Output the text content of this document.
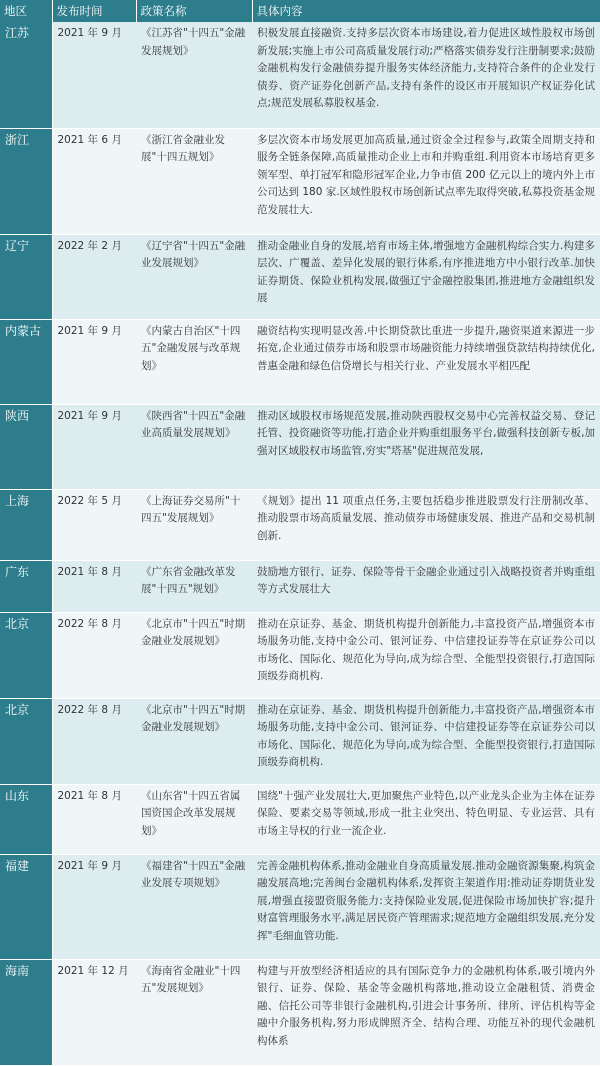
地区	发布时间	政策名称	具体内容
江苏	2021 年 9 月	《江苏省"十四五"金融发展规划》	积极发展直接融资.支持多层次资本市场建设,着力促进区域性股权市场创新发展;实施上市公司高质量发展行动;严格落实债券发行注册制要求;鼓励金融机构发行金融债券提升服务实体经济能力,支持符合条件的企业发行债券、资产证券化创新产品,支持有条件的设区市开展知识产权证券化试点;规范发展私募股权基金.
浙江	2021 年 6 月	《浙江省金融业发展"十四五规划》	多层次资本市场发展更加高质量,通过资金全过程参与,政策全周期支持和服务全链条保障,高质量推动企业上市和并购重组.利用资本市场培育更多领军型、单打冠军和隐形冠军企业,力争市值 200 亿元以上的境内外上市公司达到 180 家.区域性股权市场创新试点率先取得突破,私募投资基金规范发展壮大.
辽宁	2022 年 2 月	《辽宁省"十四五"金融业发展规划》	推动金融业自身的发展,培育市场主体,增强地方金融机构综合实力.构建多层次、广覆盖、差异化发展的银行体系,有序推进地方中小银行改革.加快证券期货、保险业机构发展,做强辽宁金融控股集团,推进地方金融组织发展
内蒙古	2021 年 9 月	《内蒙古自治区"十四五"金融发展与改革规划》	融资结构实现明显改善.中长期贷款比重进一步提升,融资渠道来源进一步拓宽,企业通过债券市场和股票市场融资能力持续增强贷款结构持续优化,普惠金融和绿色信贷增长与相关行业、产业发展水平相匹配
陕西	2021 年 9 月	《陕西省"十四五"金融业高质量发展规划》	推动区域股权市场规范发展,推动陕西股权交易中心完善权益交易、登记托管、投资融资等功能,打造企业并购重组服务平台,做强科技创新专板,加强对区域股权市场监管,穷实"塔基"促进规范发展,
上海	2022 年 5 月	《上海证券交易所"十四五"发展规划》	《规划》提出 11 项重点任务,主要包括稳步推进股票发行注册制改革、推动股票市场高质量发展、推动债券市场健康发展、推进产品和交易机制创新.
广东	2021 年 8 月	《广东省金融改革发展"十四五"规划》	鼓励地方银行、证券、保险等骨干金融企业通过引入战略投资者并购重组等方式发展壮大
北京	2022 年 8 月	《北京市"十四五"时期金融业发展规划》	推动在京证券、基金、期货机构提升创新能力,丰富投资产品,增强资本市场服务功能,支持中金公司、银河证券、中信建投证券等在京证券公司以市场化、国际化、规范化为导向,成为综合型、全能型投资银行,打造国际顶级券商机构.
北京	2022 年 8 月	《北京市"十四五"时期金融业发展规划》	推动在京证券、基金、期货机构提升创新能力,丰富投资产品,增强资本市场服务功能,支持中金公司、银河证券、中信建投证券等在京证券公司以市场化、国际化、规范化为导向,成为综合型、全能型投资银行,打造国际顶级券商机构.
山东	2021 年 8 月	《山东省"十四五省属国资国企改革发展规划》	国绕"十强产业发展壮大,更加聚焦产业特色,以产业龙头企业为主体在证券保险、要素交易等领域,形成一批主业突出、特色明显、专业运营、具有市场主导权的行业一流企业.
福建	2021 年 9 月	《福建省"十四五"金融业发展专项规划》	完善金融机构体系,推动金融业自身高质量发展.推动金融资源集聚,构筑金融发展高地;完善闽台金融机构体系,发挥资主架道作用:推动证券期货业发展,增强直接盟资服务能力:支持保险业发展,促进保险市场加快扩容;提升财富管理服务水平,满足居民资产管理需求;规范地方金融组织发展,充分发挥"毛细血管功能.
海南	2021 年 12 月	《海南省金融业"十四五"发展规划》	构建与开放型经济相适应的具有国际竞争力的金融机构体系,吸引境内外银行、证券、保险、基金等金融机构落地,推动设立金融租赁、消费金融、信托公司等非银行金融机构,引进会计事务所、律所、评估机构等金融中介服务机构,努力形成牌照齐全、结构合理、功能互补的现代金融机构体系
